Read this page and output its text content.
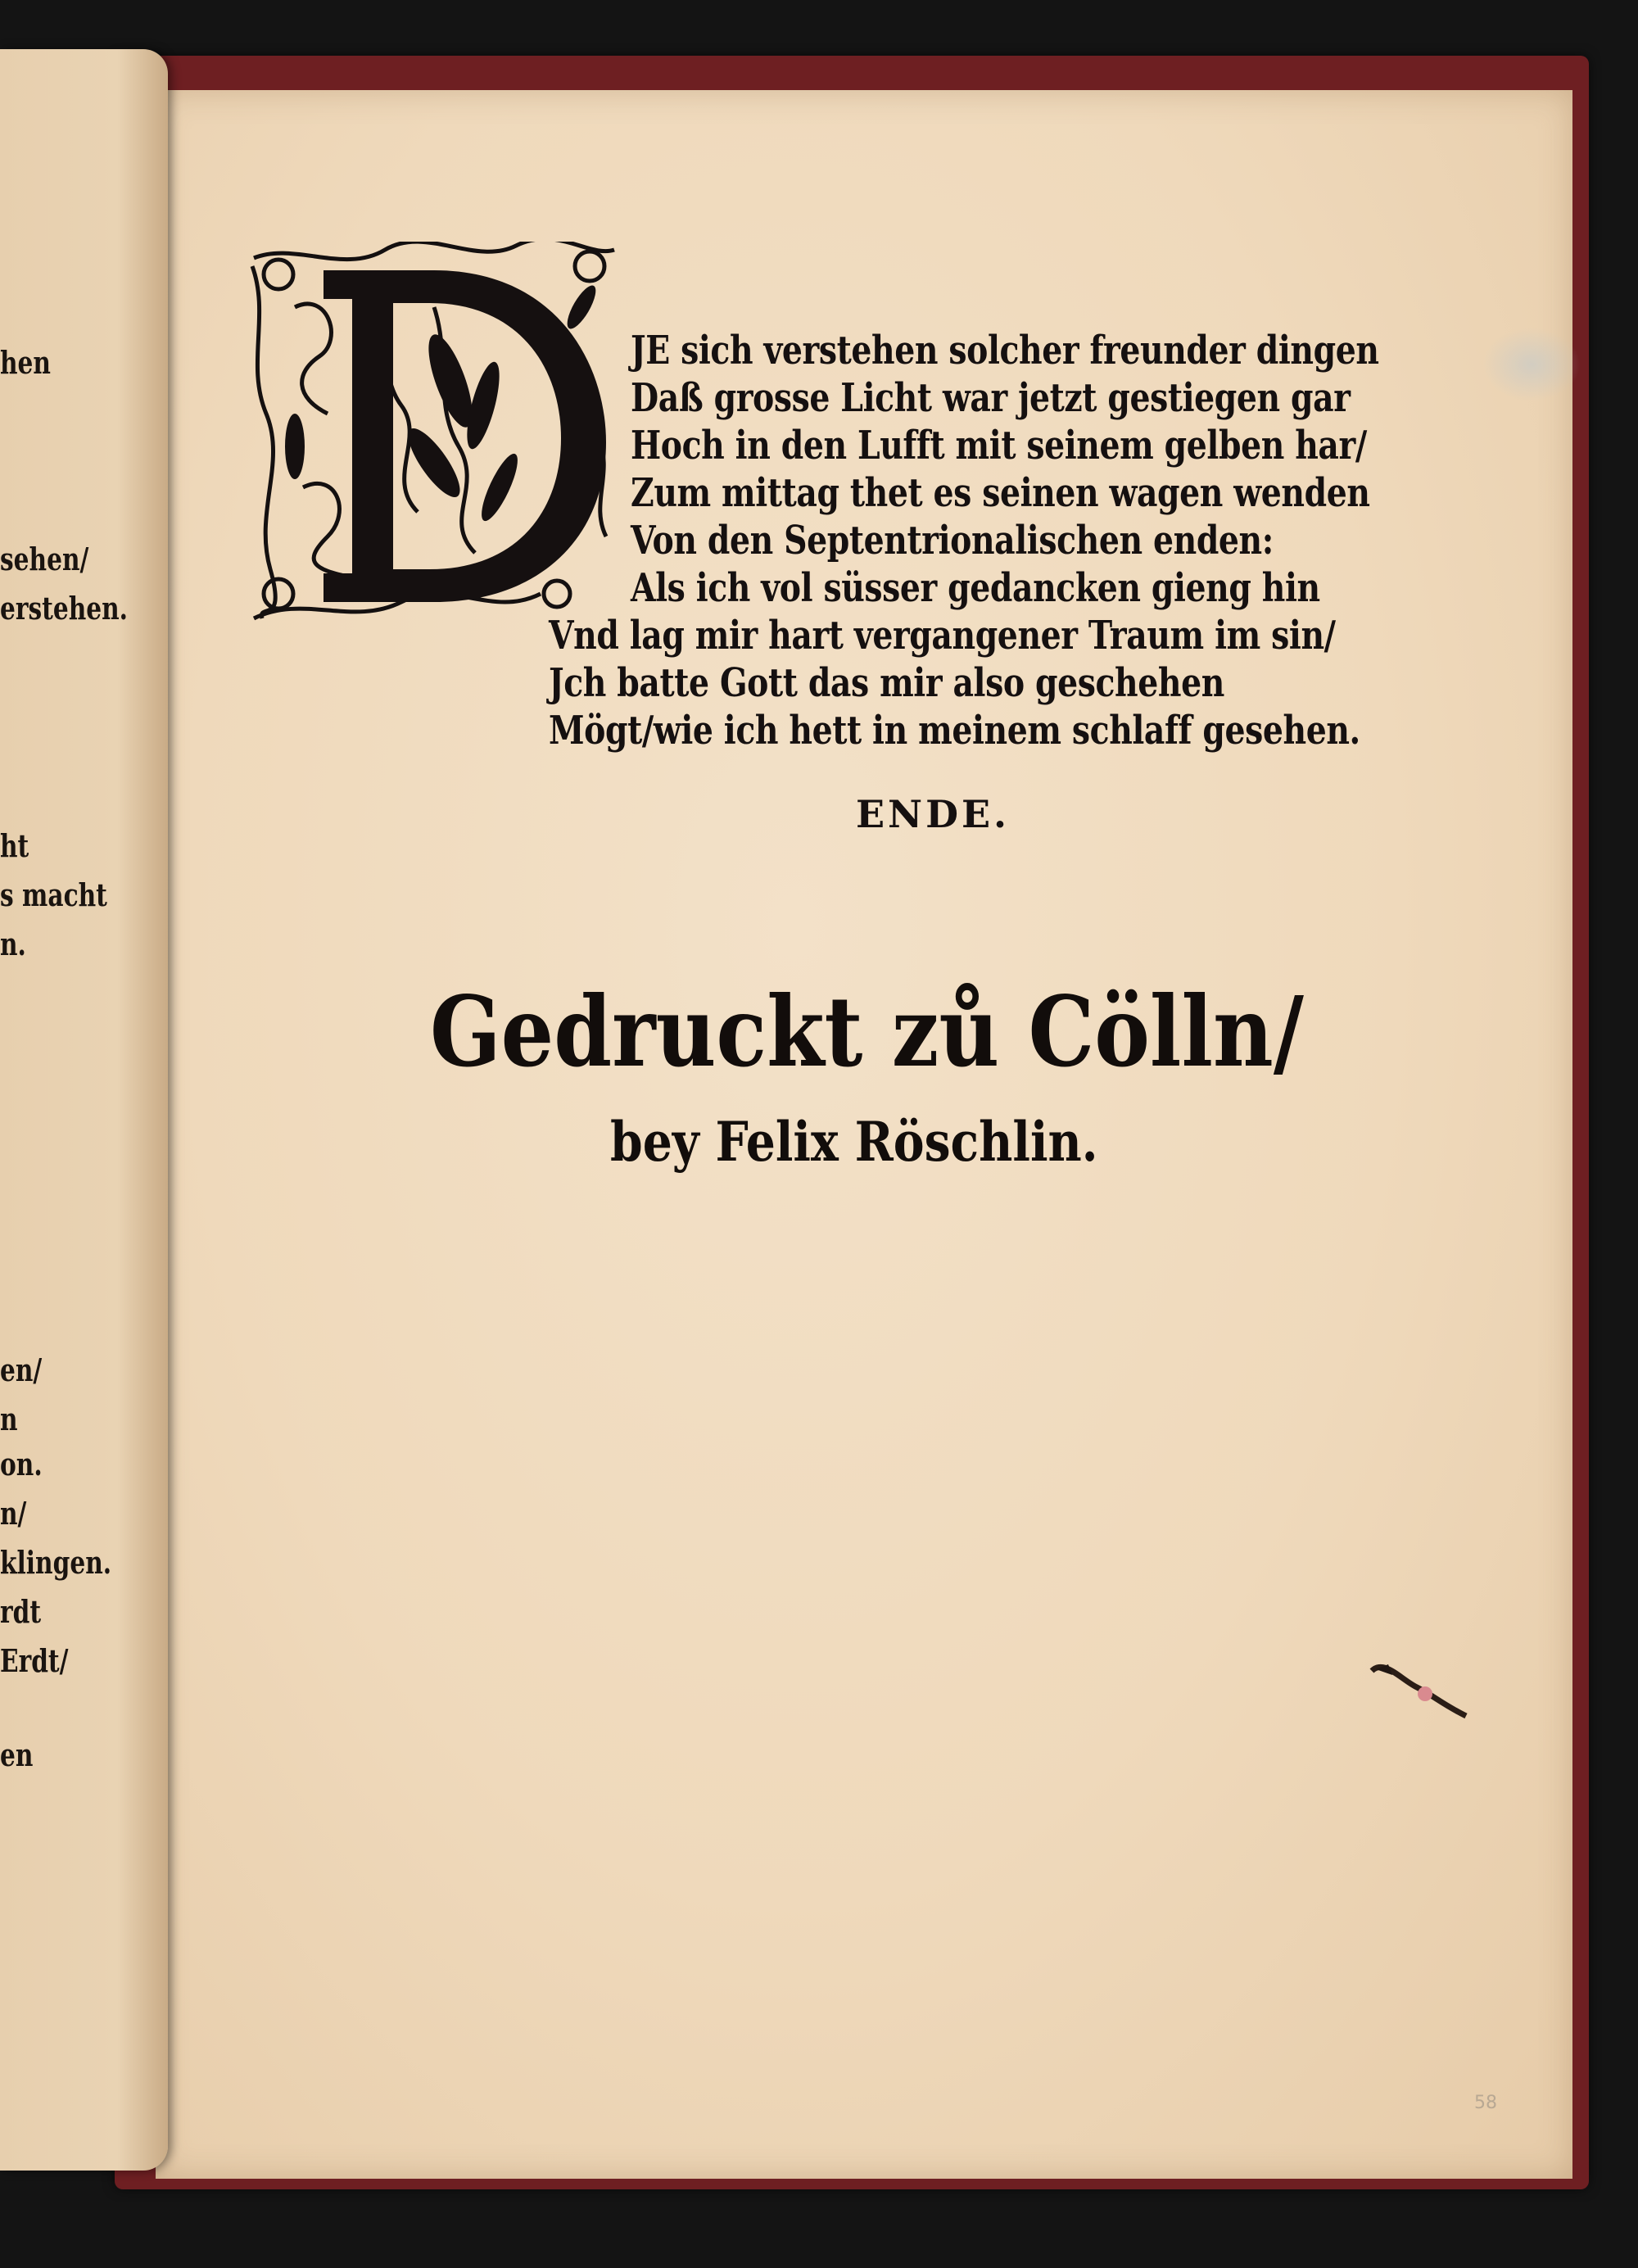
hen
sehen/
erstehen.
ht
s macht
n.
en/
n
on.
n/
klingen.
rdt
Erdt/
en
JE sich verstehen solcher freunder dingen
Daß grosse Licht war jetzt gestiegen gar
Hoch in den Lufft mit seinem gelben har/
Zum mittag thet es seinen wagen wenden
Von den Septentrionalischen enden:
Als ich vol süsser gedancken gieng hin
Vnd lag mir hart vergangener Traum im sin/
Jch batte Gott das mir also geschehen
Mögt/wie ich hett in meinem schlaff gesehen.
ENDE.
Gedruckt zů Cölln/
bey Felix Röschlin.
58
